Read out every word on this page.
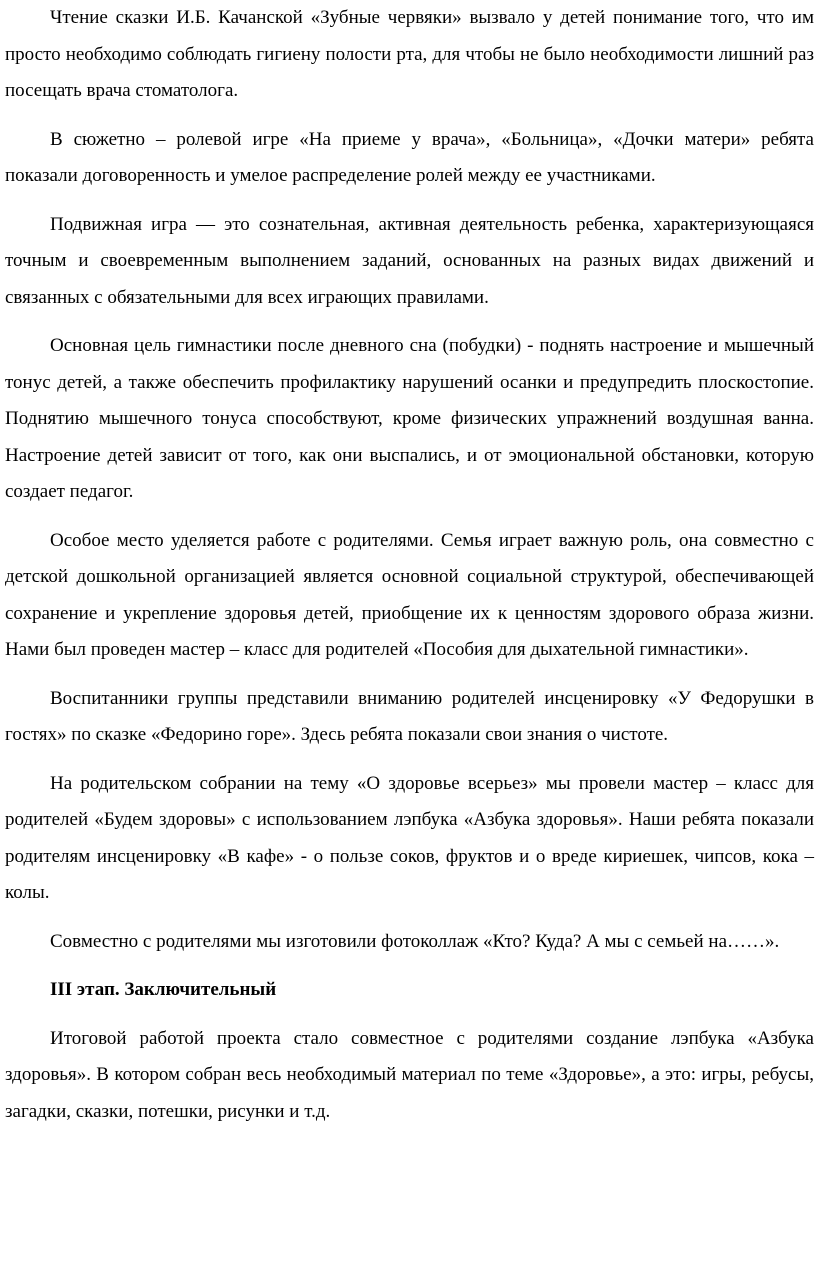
Чтение сказки И.Б. Качанской «Зубные червяки» вызвало у детей понимание того, что им просто необходимо соблюдать гигиену полости рта, для чтобы не было необходимости лишний раз посещать врача стоматолога.

В сюжетно – ролевой игре «На приеме у врача», «Больница», «Дочки матери» ребята показали договоренность и умелое распределение ролей между ее участниками.

Подвижная игра — это сознательная, активная деятельность ребенка, характеризующаяся точным и своевременным выполнением заданий, основанных на разных видах движений и связанных с обязательными для всех играющих правилами.

Основная цель гимнастики после дневного сна (побудки) - поднять настроение и мышечный тонус детей, а также обеспечить профилактику нарушений осанки и предупредить плоскостопие. Поднятию мышечного тонуса способствуют, кроме физических упражнений воздушная ванна. Настроение детей зависит от того, как они выспались, и от эмоциональной обстановки, которую создает педагог.

Особое место уделяется работе с родителями. Семья играет важную роль, она совместно с детской дошкольной организацией является основной социальной структурой, обеспечивающей сохранение и укрепление здоровья детей, приобщение их к ценностям здорового образа жизни. Нами был проведен мастер – класс для родителей «Пособия для дыхательной гимнастики».

Воспитанники группы представили вниманию родителей инсценировку «У Федорушки в гостях» по сказке «Федорино горе». Здесь ребята показали свои знания о чистоте.

На родительском собрании на тему «О здоровье всерьез» мы провели мастер – класс для родителей «Будем здоровы» с использованием лэпбука «Азбука здоровья». Наши ребята показали родителям инсценировку «В кафе» - о пользе соков, фруктов и о вреде кириешек, чипсов, кока – колы.

Совместно с родителями мы изготовили фотоколлаж «Кто? Куда? А мы с семьей на……».

III этап. Заключительный

Итоговой работой проекта стало совместное с родителями создание лэпбука «Азбука здоровья». В котором собран весь необходимый материал по теме «Здоровье», а это: игры, ребусы, загадки, сказки, потешки, рисунки и т.д.
